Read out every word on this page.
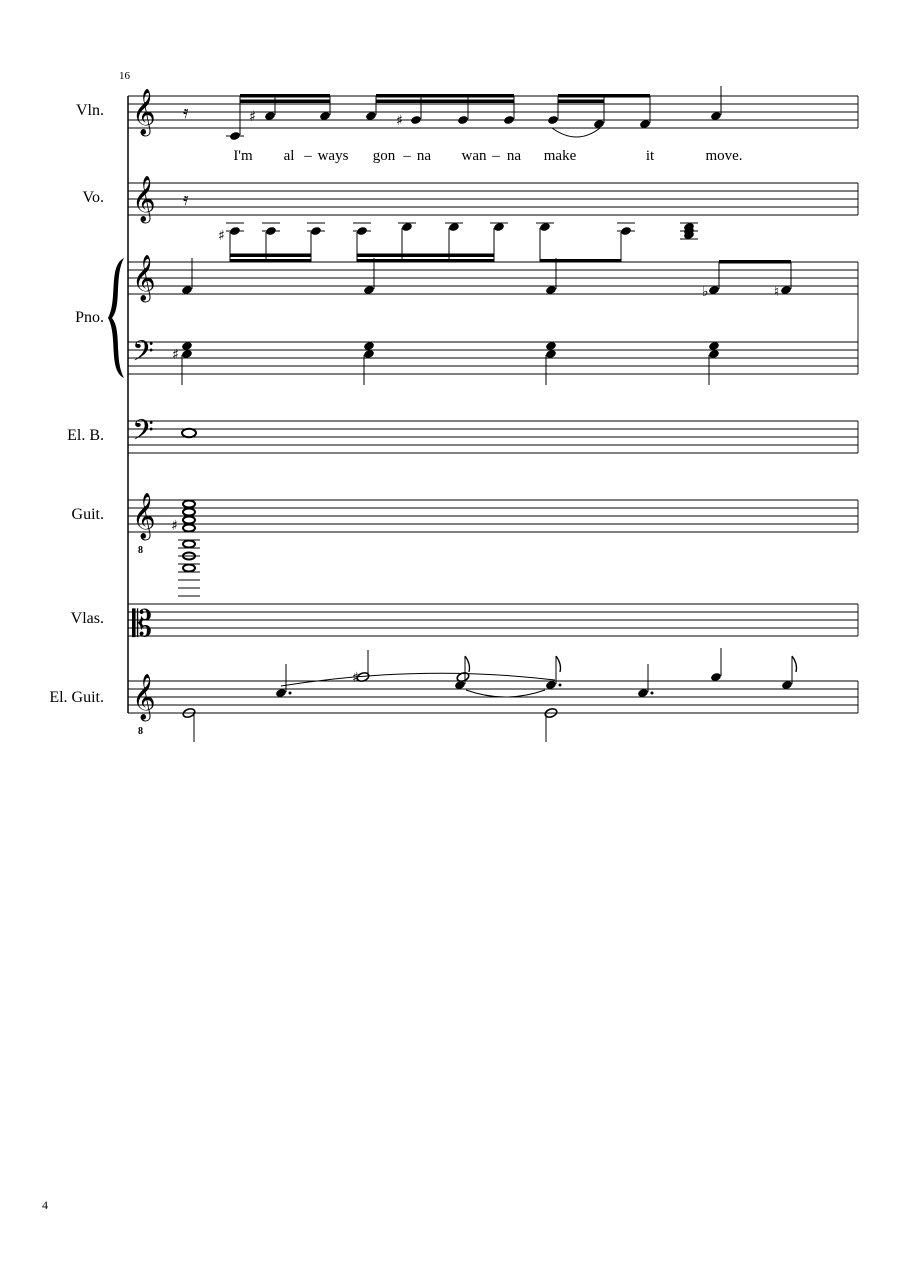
𝄞 𝄿	♯	♯
𝄞 𝄿
♯
𝄞
𝄢
♭	♮
♯
𝄢
𝄞
8
♯
𝄡
𝄞
8
♯
16
Vln.
Vo.
Pno.
El. B.
Guit.
Vlas.
El. Guit.
I'm al – ways gon – na wan – na make	it	move.
4
